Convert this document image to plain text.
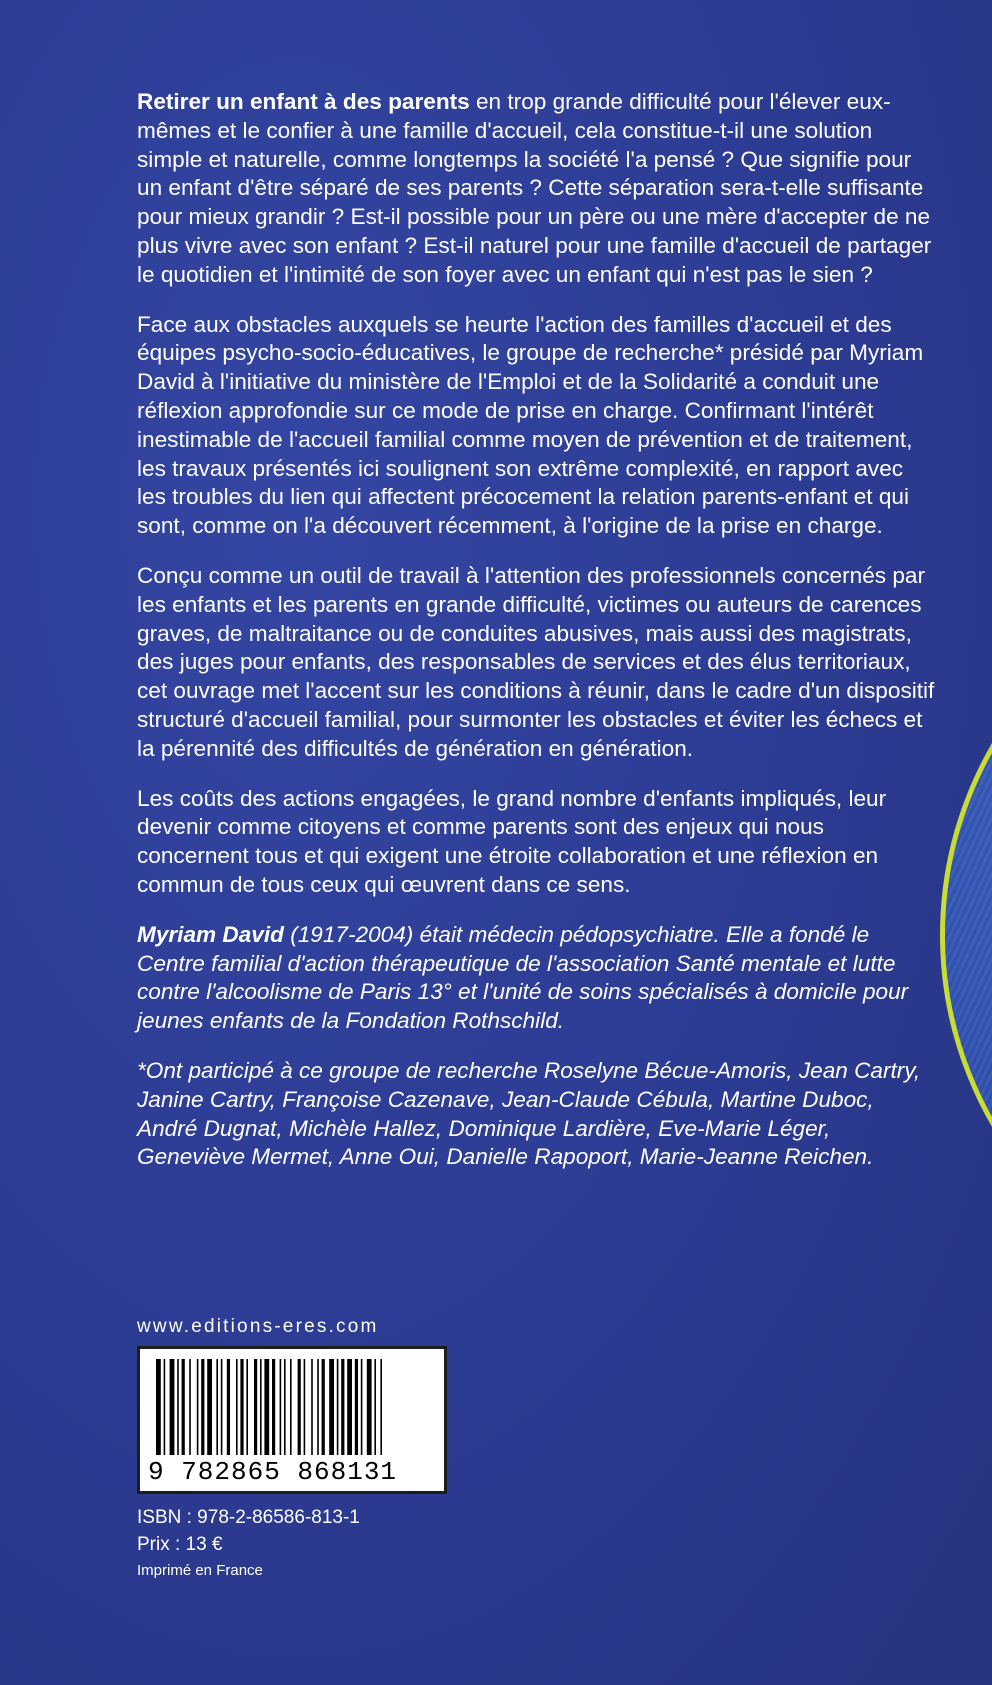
Retirer un enfant à des parents en trop grande difficulté pour l'élever eux-mêmes et le confier à une famille d'accueil, cela constitue-t-il une solution simple et naturelle, comme longtemps la société l'a pensé ? Que signifie pour un enfant d'être séparé de ses parents ? Cette séparation sera-t-elle suffisante pour mieux grandir ? Est-il possible pour un père ou une mère d'accepter de ne plus vivre avec son enfant ? Est-il naturel pour une famille d'accueil de partager le quotidien et l'intimité de son foyer avec un enfant qui n'est pas le sien ?

Face aux obstacles auxquels se heurte l'action des familles d'accueil et des équipes psycho-socio-éducatives, le groupe de recherche* présidé par Myriam David à l'initiative du ministère de l'Emploi et de la Solidarité a conduit une réflexion approfondie sur ce mode de prise en charge. Confirmant l'intérêt inestimable de l'accueil familial comme moyen de prévention et de traitement, les travaux présentés ici soulignent son extrême complexité, en rapport avec les troubles du lien qui affectent précocement la relation parents-enfant et qui sont, comme on l'a découvert récemment, à l'origine de la prise en charge.

Conçu comme un outil de travail à l'attention des professionnels concernés par les enfants et les parents en grande difficulté, victimes ou auteurs de carences graves, de maltraitance ou de conduites abusives, mais aussi des magistrats, des juges pour enfants, des responsables de services et des élus territoriaux, cet ouvrage met l'accent sur les conditions à réunir, dans le cadre d'un dispositif structuré d'accueil familial, pour surmonter les obstacles et éviter les échecs et la pérennité des difficultés de génération en génération.

Les coûts des actions engagées, le grand nombre d'enfants impliqués, leur devenir comme citoyens et comme parents sont des enjeux qui nous concernent tous et qui exigent une étroite collaboration et une réflexion en commun de tous ceux qui œuvrent dans ce sens.

Myriam David (1917-2004) était médecin pédopsychiatre. Elle a fondé le Centre familial d'action thérapeutique de l'association Santé mentale et lutte contre l'alcoolisme de Paris 13° et l'unité de soins spécialisés à domicile pour jeunes enfants de la Fondation Rothschild.

*Ont participé à ce groupe de recherche Roselyne Bécue-Amoris, Jean Cartry, Janine Cartry, Françoise Cazenave, Jean-Claude Cébula, Martine Duboc, André Dugnat, Michèle Hallez, Dominique Lardière, Eve-Marie Léger, Geneviève Mermet, Anne Oui, Danielle Rapoport, Marie-Jeanne Reichen.

www.editions-eres.com
9 782865 868131
ISBN : 978-2-86586-813-1
Prix : 13 €
Imprimé en France
